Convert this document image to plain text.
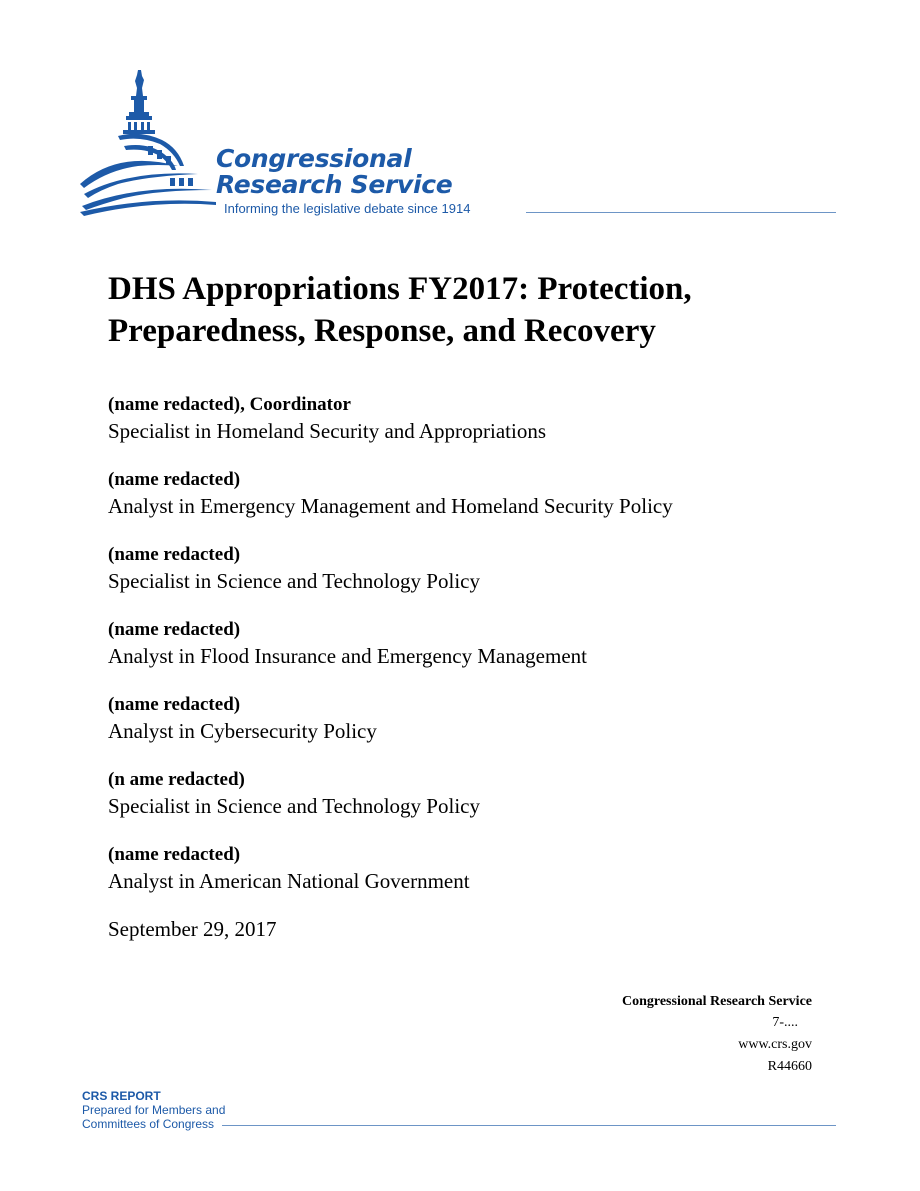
Congressional
Research Service
Informing the legislative debate since 1914
DHS Appropriations FY2017: Protection, Preparedness, Response, and Recovery
(name redacted), Coordinator
Specialist in Homeland Security and Appropriations
(name redacted)
Analyst in Emergency Management and Homeland Security Policy
(name redacted)
Specialist in Science and Technology Policy
(name redacted)
Analyst in Flood Insurance and Emergency Management
(name redacted)
Analyst in Cybersecurity Policy
(n ame redacted)
Specialist in Science and Technology Policy
(name redacted)
Analyst in American National Government
September 29, 2017
Congressional Research Service
7-....
www.crs.gov
R44660
CRS REPORT
Prepared for Members and
Committees of Congress
